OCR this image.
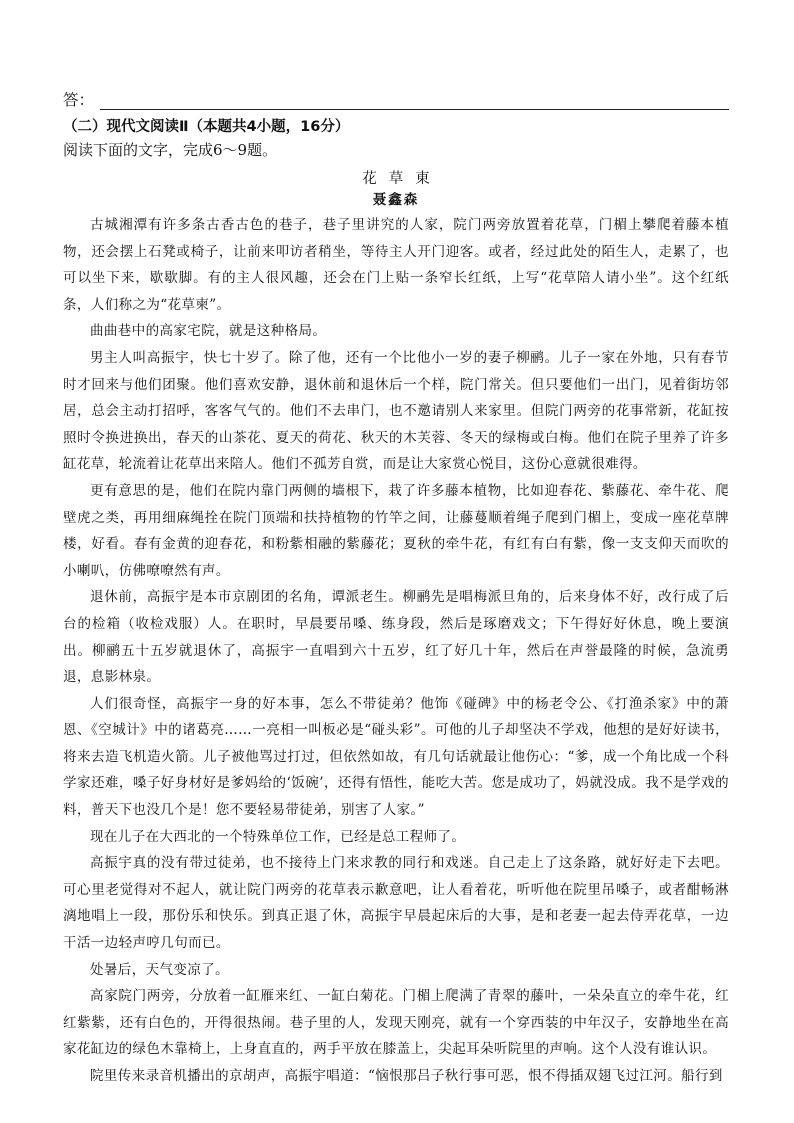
答：
（二）现代文阅读Ⅱ（本题共4小题，16分）
阅读下面的文字，完成6～9题。
花草東
聂鑫森

古城湘潭有许多条古香古色的巷子，巷子里讲究的人家，院门两旁放置着花草，门楣上攀爬着藤本植物，还会摆上石凳或椅子，让前来叩访者稍坐，等待主人开门迎客。或者，经过此处的陌生人，走累了，也可以坐下来，歇歇脚。有的主人很风趣，还会在门上贴一条窄长红纸，上写“花草陪人请小坐”。这个红纸条，人们称之为“花草柬”。

曲曲巷中的高家宅院，就是这种格局。

男主人叫高振宇，快七十岁了。除了他，还有一个比他小一岁的妻子柳鹂。儿子一家在外地，只有春节时才回来与他们团聚。他们喜欢安静，退休前和退休后一个样，院门常关。但只要他们一出门，见着街坊邻居，总会主动打招呼，客客气气的。他们不去串门，也不邀请别人来家里。但院门两旁的花事常新，花缸按照时令换进换出，春天的山茶花、夏天的荷花、秋天的木芙蓉、冬天的绿梅或白梅。他们在院子里养了许多缸花草，轮流着让花草出来陪人。他们不孤芳自赏，而是让大家赏心悦目，这份心意就很难得。

更有意思的是，他们在院内靠门两侧的墙根下，栽了许多藤本植物，比如迎春花、紫藤花、牵牛花、爬壁虎之类，再用细麻绳拴在院门顶端和扶持植物的竹竿之间，让藤蔓顺着绳子爬到门楣上，变成一座花草牌楼，好看。春有金黄的迎春花，和粉紫相融的紫藤花；夏秋的牵牛花，有红有白有紫，像一支支仰天而吹的小喇叭，仿佛嘹嘹然有声。

退休前，高振宇是本市京剧团的名角，谭派老生。柳鹂先是唱梅派旦角的，后来身体不好，改行成了后台的检箱（收检戏服）人。在职时，早晨要吊嗓、练身段，然后是琢磨戏文；下午得好好休息，晚上要演出。柳鹂五十五岁就退休了，高振宇一直唱到六十五岁，红了好几十年，然后在声誉最隆的时候，急流勇退，息影林泉。

人们很奇怪，高振宇一身的好本事，怎么不带徒弟？他饰《碰碑》中的杨老令公、《打渔杀家》中的萧恩、《空城计》中的诸葛亮……一亮相一叫板必是“碰头彩”。可他的儿子却坚决不学戏，他想的是好好读书，将来去造飞机造火箭。儿子被他骂过打过，但依然如故，有几句话就最让他伤心：“爹，成一个角比成一个科学家还难，嗓子好身材好是爹妈给的‘饭碗’，还得有悟性，能吃大苦。您是成功了，妈就没成。我不是学戏的料，普天下也没几个是！您不要轻易带徒弟，别害了人家。”

现在儿子在大西北的一个特殊单位工作，已经是总工程师了。

高振宇真的没有带过徒弟，也不接待上门来求教的同行和戏迷。自己走上了这条路，就好好走下去吧。可心里老觉得对不起人，就让院门两旁的花草表示歉意吧，让人看着花，听听他在院里吊嗓子，或者酣畅淋漓地唱上一段，那份乐和快乐。到真正退了休，高振宇早晨起床后的大事，是和老妻一起去侍弄花草，一边干活一边轻声哼几句而已。

处暑后，天气变凉了。

高家院门两旁，分放着一缸雁来红、一缸白菊花。门楣上爬满了青翠的藤叶，一朵朵直立的牵牛花，红红紫紫，还有白色的，开得很热闹。巷子里的人，发现天刚亮，就有一个穿西装的中年汉子，安静地坐在高家花缸边的绿色木靠椅上，上身直直的，两手平放在膝盖上，尖起耳朵听院里的声响。这个人没有谁认识。

院里传来录音机播出的京胡声，高振宇唱道：“恼恨那吕子秋行事可恶，恨不得插双翅飞过江河。船行到
